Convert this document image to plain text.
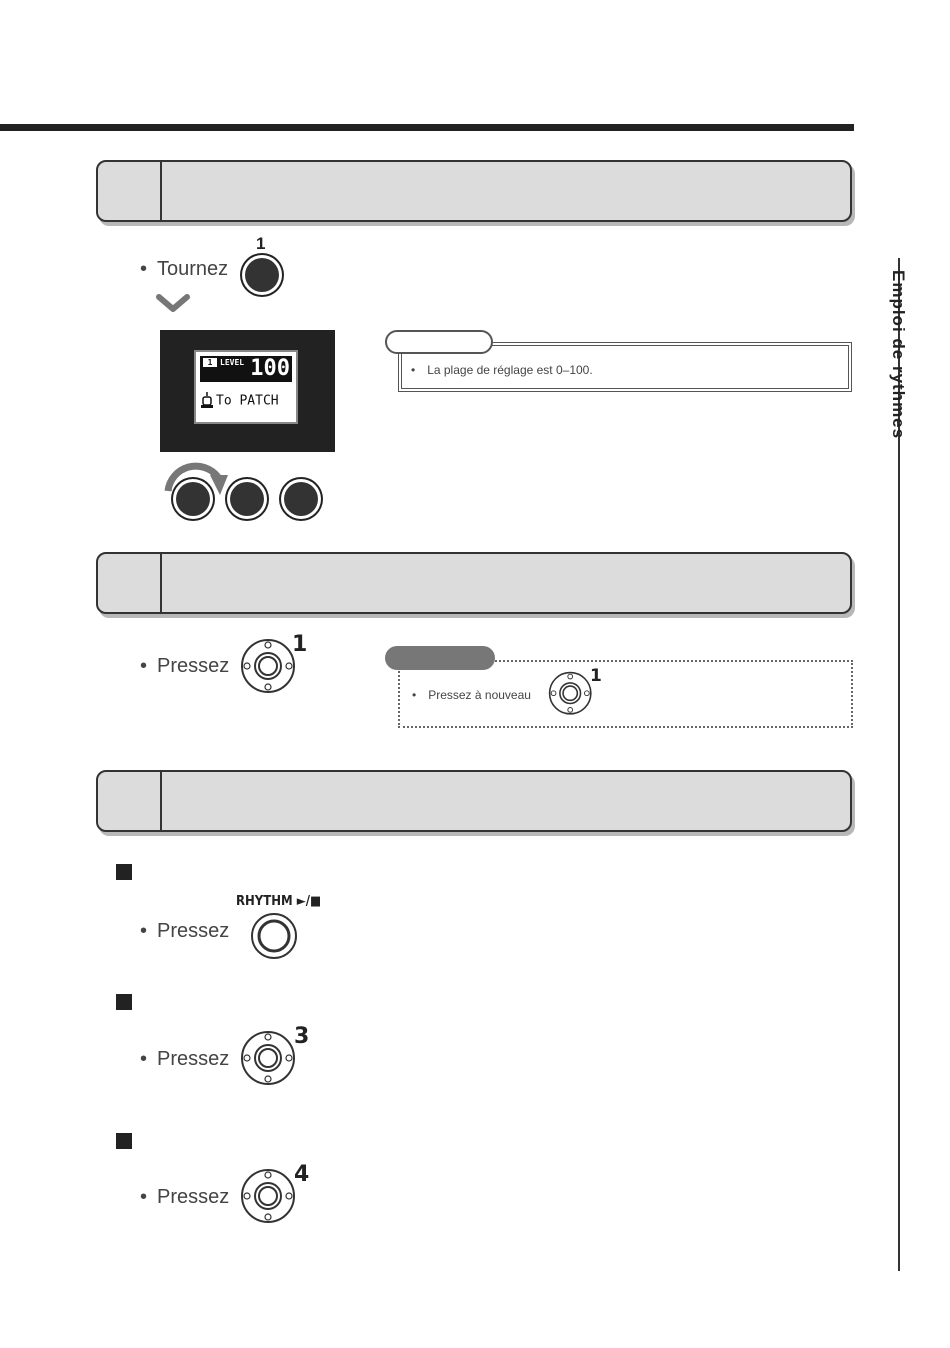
Emploi de rythmes
• Tournez
1
1 LEVEL 100
To PATCH
• La plage de réglage est 0–100.
• Pressez
1
• Pressez à nouveau
1
• Pressez
RHYTHM ►/■
• Pressez
3
• Pressez
4
